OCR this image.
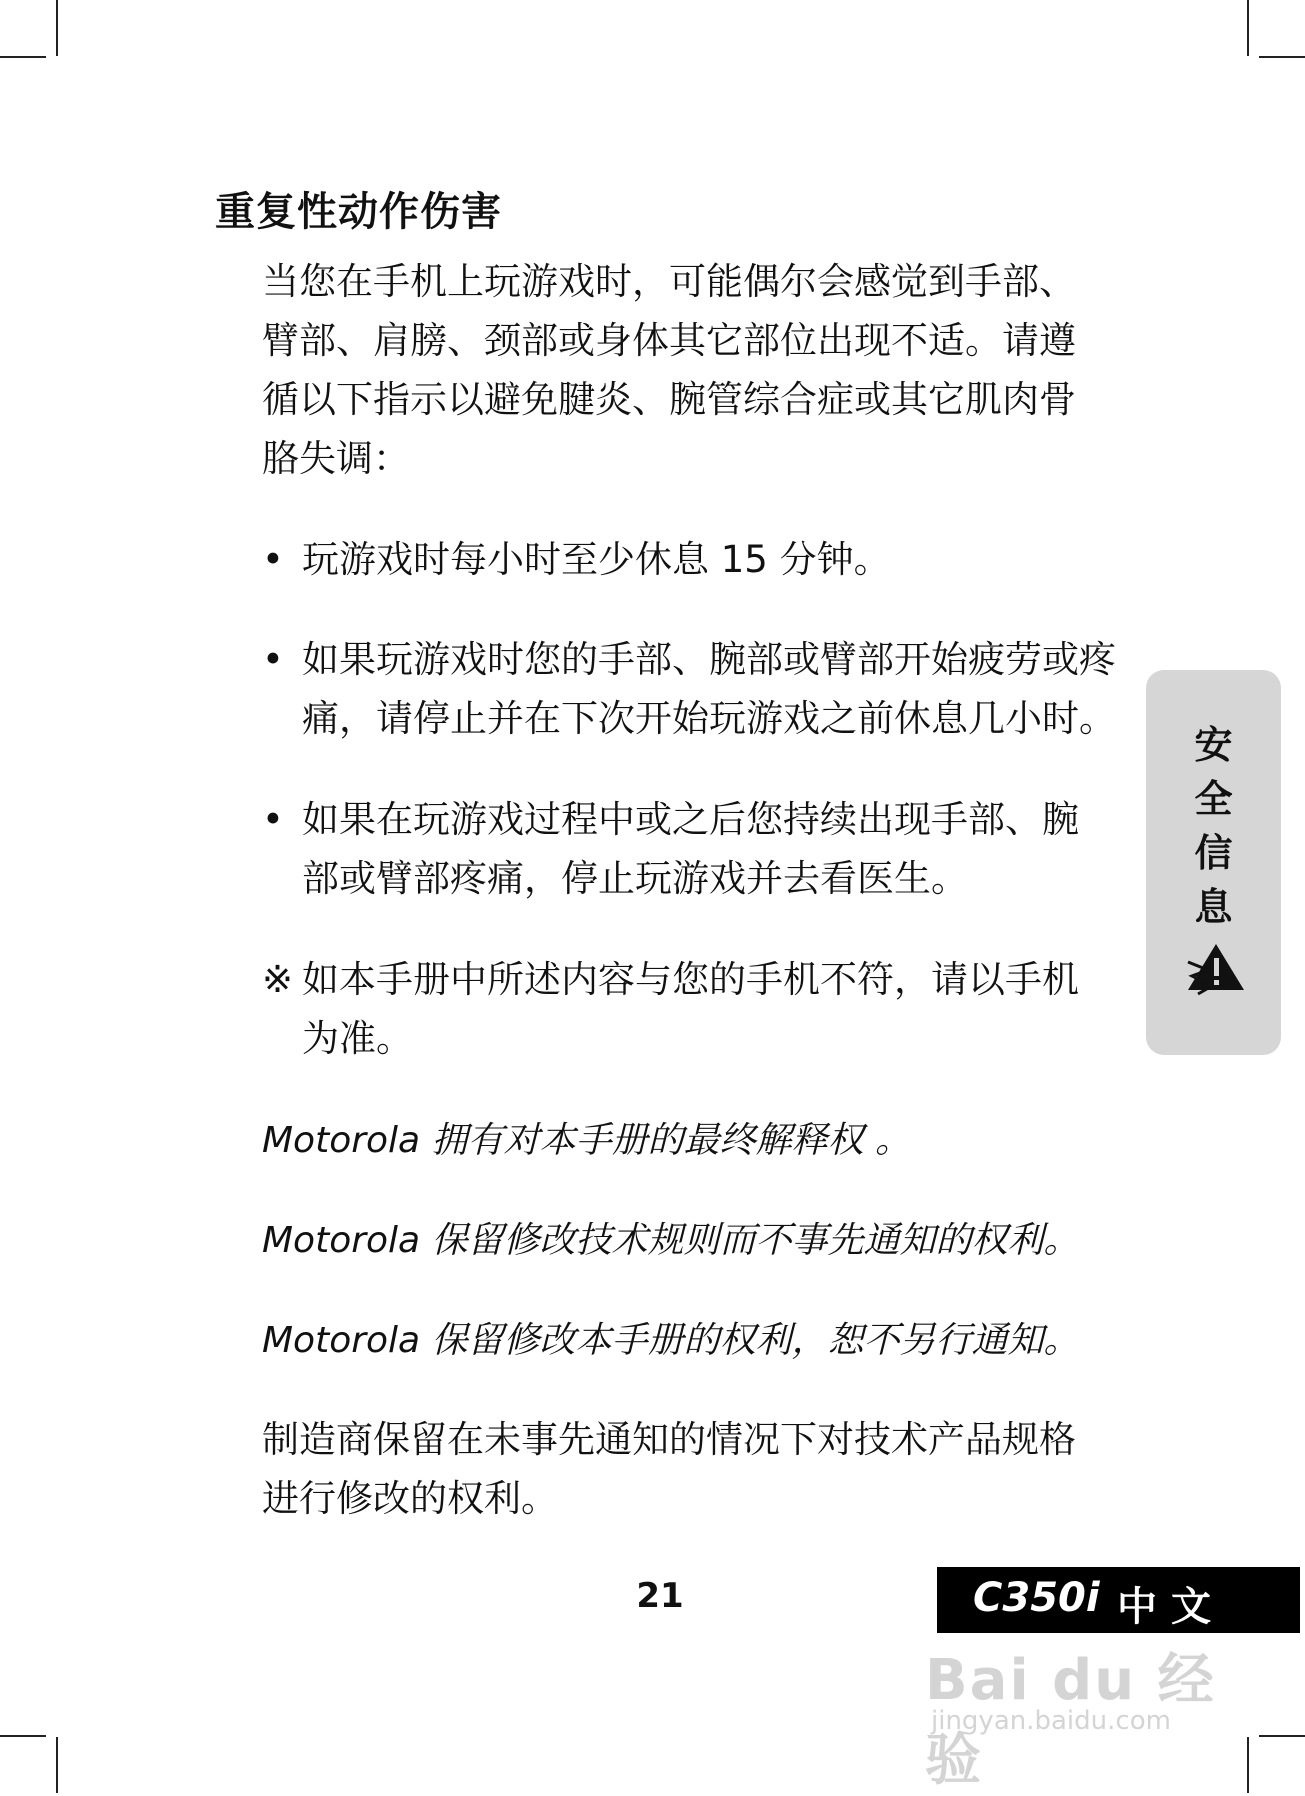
重复性动作伤害
当您在手机上玩游戏时，可能偶尔会感觉到手部、
臂部、肩膀、颈部或身体其它部位出现不适。请遵
循以下指示以避免腱炎、腕管综合症或其它肌肉骨
胳失调：
• 玩游戏时每小时至少休息 15 分钟。
• 如果玩游戏时您的手部、腕部或臂部开始疲劳或疼
痛，请停止并在下次开始玩游戏之前休息几小时。
• 如果在玩游戏过程中或之后您持续出现手部、腕
部或臂部疼痛，停止玩游戏并去看医生。
※ 如本手册中所述内容与您的手机不符，请以手机
为准。

Motorola 拥有对本手册的最终解释权 。

Motorola 保留修改技术规则而不事先通知的权利。

Motorola 保留修改本手册的权利，恕不另行通知。

制造商保留在未事先通知的情况下对技术产品规格
进行修改的权利。
安
全
信
息
21	C350i 中文
Bai du 经验
jingyan.baidu.com
